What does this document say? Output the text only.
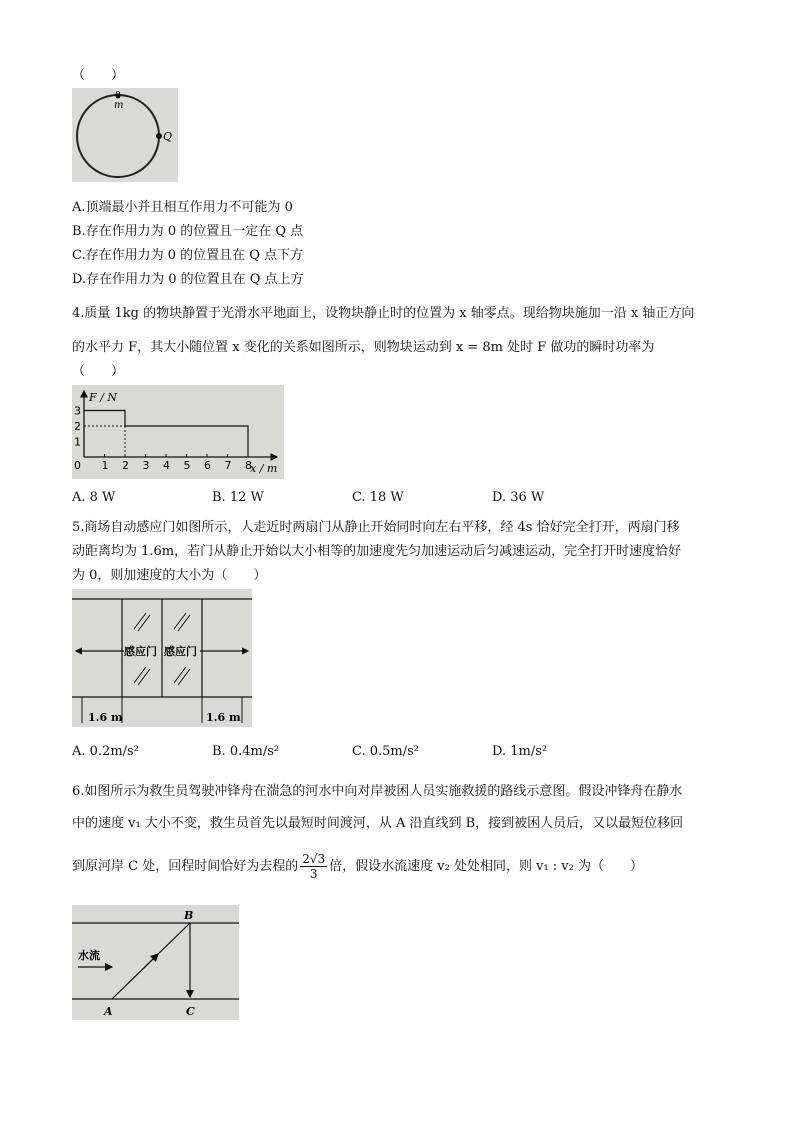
（　　）
0
m
Q
A.顶端最小并且相互作用力不可能为 0
B.存在作用力为 0 的位置且一定在 Q 点
C.存在作用力为 0 的位置且在 Q 点下方
D.存在作用力为 0 的位置且在 Q 点上方
4.质量 1kg 的物块静置于光滑水平地面上，设物块静止时的位置为 x 轴零点。现给物块施加一沿 x 轴正方向
的水平力 F，其大小随位置 x 变化的关系如图所示，则物块运动到 x = 8m 处时 F 做功的瞬时功率为
（　　）
F / N
x / m
0 1 2 3 4 5 6 7 8
1
2
3
A. 8 W	B. 12 W	C. 18 W	D. 36 W
5.商场自动感应门如图所示，人走近时两扇门从静止开始同时向左右平移，经 4s 恰好完全打开，两扇门移
动距离均为 1.6m，若门从静止开始以大小相等的加速度先匀加速运动后匀减速运动，完全打开时速度恰好
为 0，则加速度的大小为（　　）
感应门 感应门
1.6 m	1.6 m
A. 0.2m/s²	B. 0.4m/s²	C. 0.5m/s²	D. 1m/s²
6.如图所示为救生员驾驶冲锋舟在湍急的河水中向对岸被困人员实施救援的路线示意图。假设冲锋舟在静水
中的速度 v₁ 大小不变，救生员首先以最短时间渡河，从 A 沿直线到 B，接到被困人员后，又以最短位移回
到原河岸 C 处，回程时间恰好为去程的 $\frac{2√3}{3}$ 倍，假设水流速度 v₂ 处处相同，则 v₁ : v₂ 为（　　）
水流
A
B
C
